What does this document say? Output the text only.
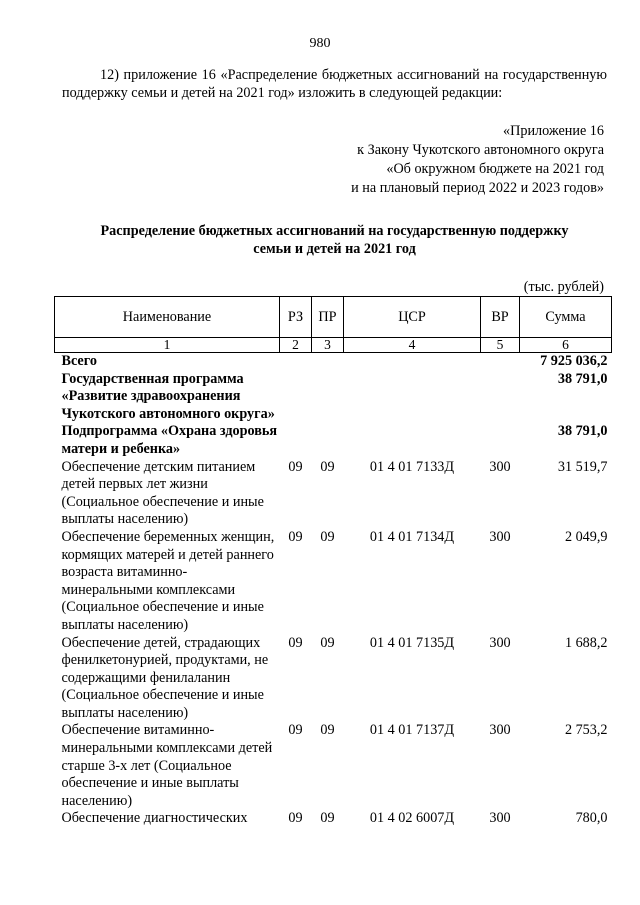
980
12) приложение 16 «Распределение бюджетных ассигнований на государственную поддержку семьи и детей на 2021 год» изложить в следующей редакции:
«Приложение 16
к Закону Чукотского автономного округа
«Об окружном бюджете на 2021 год
и на плановый период 2022 и 2023 годов»
Распределение бюджетных ассигнований на государственную поддержку
семьи и детей на 2021 год
(тыс. рублей)
Наименование	РЗ	ПР	ЦСР	ВР	Сумма
1	2	3	4	5	6
Всего					7 925 036,2
Государственная программа «Развитие здравоохранения Чукотского автономного округа»					38 791,0
Подпрограмма «Охрана здоровья матери и ребенка»					38 791,0
Обеспечение детским питанием детей первых лет жизни (Социальное обеспечение и иные выплаты населению)	09	09	01 4 01 7133Д	300	31 519,7
Обеспечение беременных женщин, кормящих матерей и детей раннего возраста витаминно-минеральными комплексами (Социальное обеспечение и иные выплаты населению)	09	09	01 4 01 7134Д	300	2 049,9
Обеспечение детей, страдающих фенилкетонурией, продуктами, не содержащими фенилаланин (Социальное обеспечение и иные выплаты населению)	09	09	01 4 01 7135Д	300	1 688,2
Обеспечение витаминно-минеральными комплексами детей старше 3-х лет (Социальное обеспечение и иные выплаты населению)	09	09	01 4 01 7137Д	300	2 753,2
Обеспечение диагностических	09	09	01 4 02 6007Д	300	780,0
